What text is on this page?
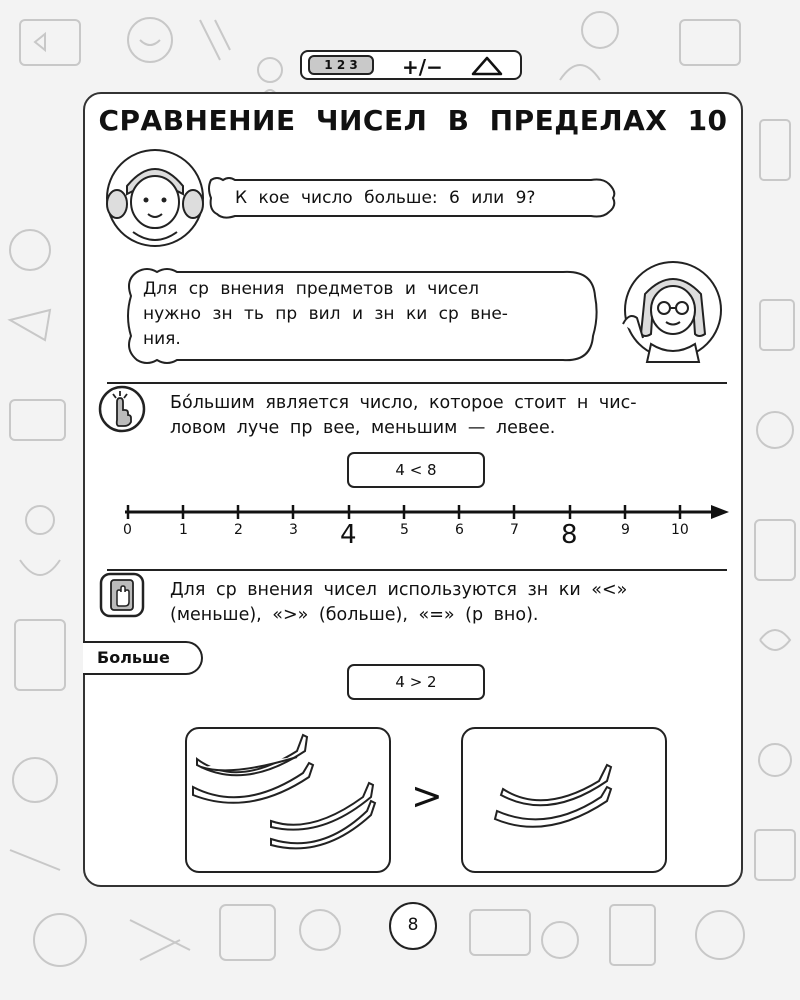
1 2 3	+/−
СРАВНЕНИЕ ЧИСЕЛ В ПРЕДЕЛАХ 10
К кое число больше: 6 или 9?
Для ср внения предметов и чисел
нужно зн ть пр вил и зн ки ср вне-
ния.
Бо́льшим является число, которое стоит н чис-
ловом луче пр вее, меньшим — левее.
4 < 8
0	1	2	3 4	5	6	7 8	9	10
Для ср внения чисел используются зн ки «<»
(меньше), «>» (больше), «=» (р вно).
Больше
4 > 2
>
8
